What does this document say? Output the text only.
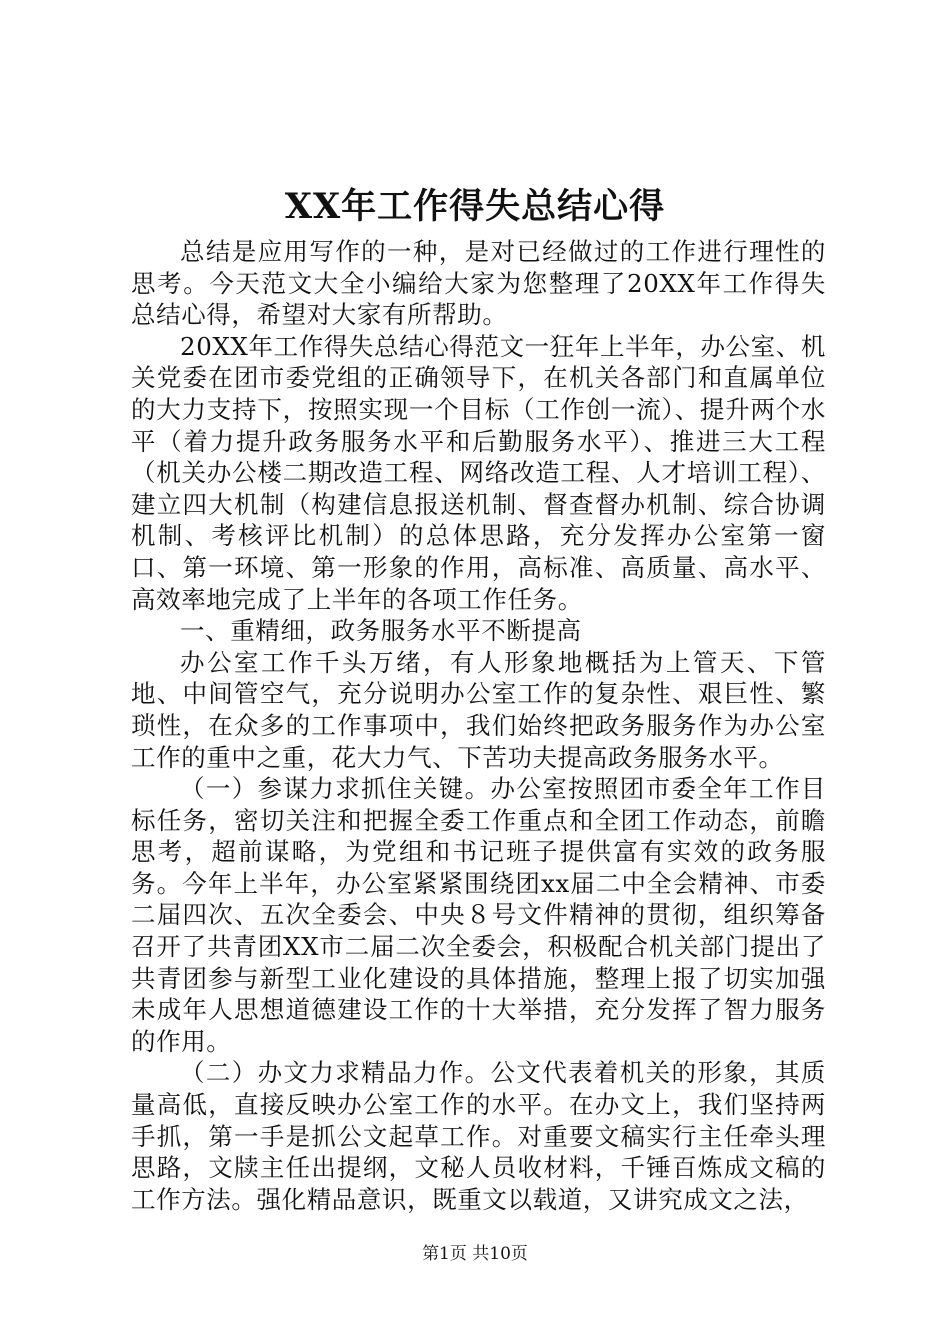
XX年工作得失总结心得

总结是应用写作的一种，是对已经做过的工作进行理性的思考。今天范文大全小编给大家为您整理了20XX年工作得失总结心得，希望对大家有所帮助。

20XX年工作得失总结心得范文一狂年上半年，办公室、机关党委在团市委党组的正确领导下，在机关各部门和直属单位的大力支持下，按照实现一个目标（工作创一流）、提升两个水平（着力提升政务服务水平和后勤服务水平）、推进三大工程（机关办公楼二期改造工程、网络改造工程、人才培训工程）、建立四大机制（构建信息报送机制、督查督办机制、综合协调机制、考核评比机制）的总体思路，充分发挥办公室第一窗口、第一环境、第一形象的作用，高标准、高质量、高水平、高效率地完成了上半年的各项工作任务。

一、重精细，政务服务水平不断提高

办公室工作千头万绪，有人形象地概括为上管天、下管地、中间管空气，充分说明办公室工作的复杂性、艰巨性、繁琐性，在众多的工作事项中，我们始终把政务服务作为办公室工作的重中之重，花大力气、下苦功夫提高政务服务水平。

（一）参谋力求抓住关键。办公室按照团市委全年工作目标任务，密切关注和把握全委工作重点和全团工作动态，前瞻思考，超前谋略，为党组和书记班子提供富有实效的政务服务。今年上半年，办公室紧紧围绕团xx届二中全会精神、市委二届四次、五次全委会、中央８号文件精神的贯彻，组织筹备召开了共青团XX市二届二次全委会，积极配合机关部门提出了共青团参与新型工业化建设的具体措施，整理上报了切实加强未成年人思想道德建设工作的十大举措，充分发挥了智力服务的作用。

（二）办文力求精品力作。公文代表着机关的形象，其质量高低，直接反映办公室工作的水平。在办文上，我们坚持两手抓，第一手是抓公文起草工作。对重要文稿实行主任牵头理思路，文牍主任出提纲，文秘人员收材料，千锤百炼成文稿的工作方法。强化精品意识，既重文以载道，又讲究成文之法，

第1页 共10页
